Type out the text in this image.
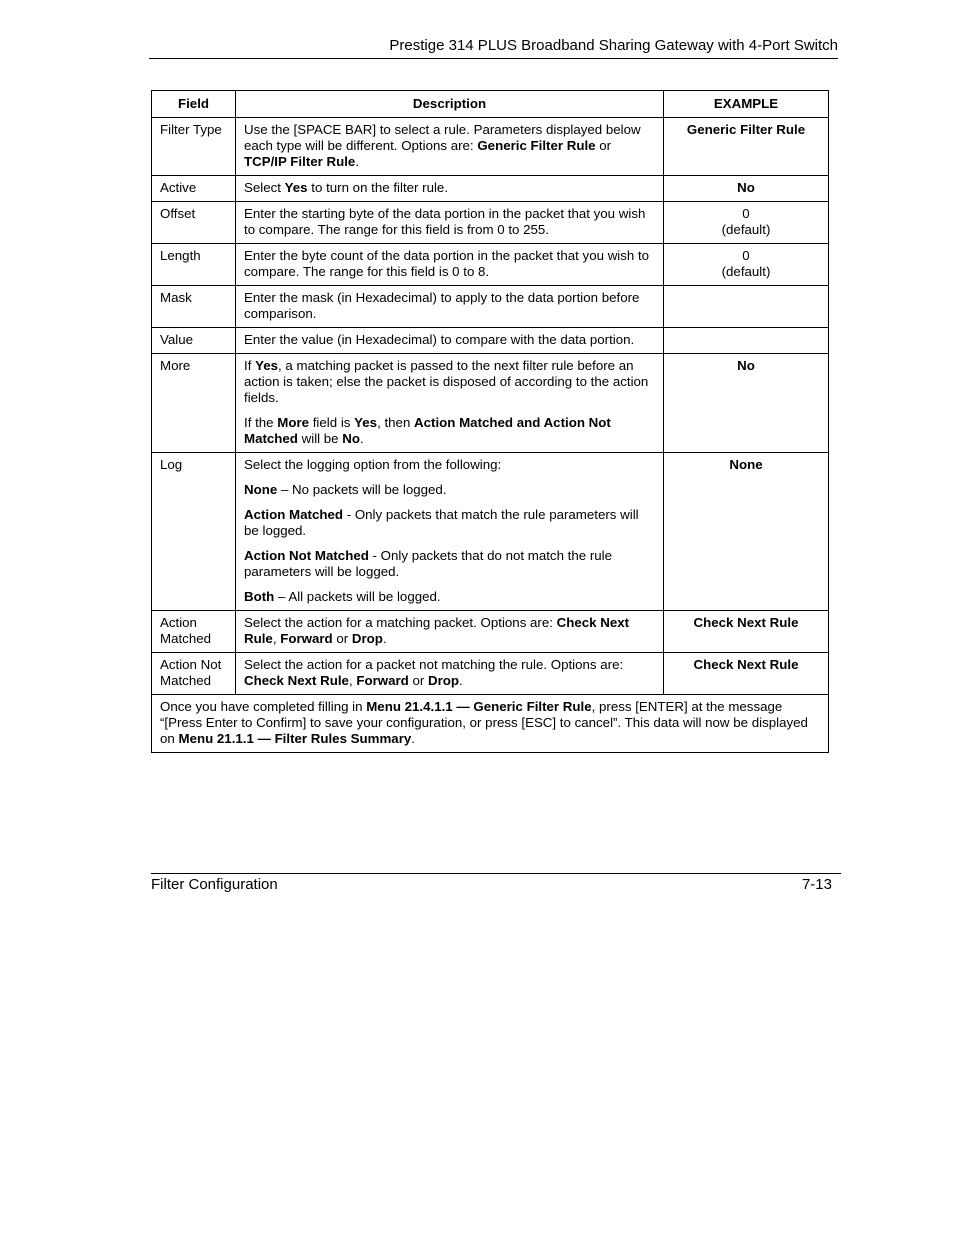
Prestige 314 PLUS Broadband Sharing Gateway with 4-Port Switch
Field	Description	EXAMPLE
Filter Type	Use the [SPACE BAR] to select a rule. Parameters displayed below each type will be different. Options are: Generic Filter Rule or TCP/IP Filter Rule.	Generic Filter Rule
Active	Select Yes to turn on the filter rule.	No
Offset	Enter the starting byte of the data portion in the packet that you wish to compare. The range for this field is from 0 to 255.	0
(default)

Length	Enter the byte count of the data portion in the packet that you wish to compare. The range for this field is 0 to 8.	0
(default)

Mask	Enter the mask (in Hexadecimal) to apply to the data portion before comparison.	
Value	Enter the value (in Hexadecimal) to compare with the data portion.	
More	If Yes, a matching packet is passed to the next filter rule before an action is taken; else the packet is disposed of according to the action fields.

If the More field is Yes, then Action Matched and Action Not Matched will be No.	No
Log	Select the logging option from the following:

None – No packets will be logged.

Action Matched - Only packets that match the rule parameters will be logged.

Action Not Matched - Only packets that do not match the rule parameters will be logged.

Both – All packets will be logged.	None
Action Matched	Select the action for a matching packet. Options are: Check Next Rule, Forward or Drop.	Check Next Rule
Action Not Matched	Select the action for a packet not matching the rule. Options are: Check Next Rule, Forward or Drop.	Check Next Rule
Once you have completed filling in Menu 21.4.1.1 — Generic Filter Rule, press [ENTER] at the message “[Press Enter to Confirm] to save your configuration, or press [ESC] to cancel”. This data will now be displayed on Menu 21.1.1 — Filter Rules Summary.		
Filter Configuration	7-13
